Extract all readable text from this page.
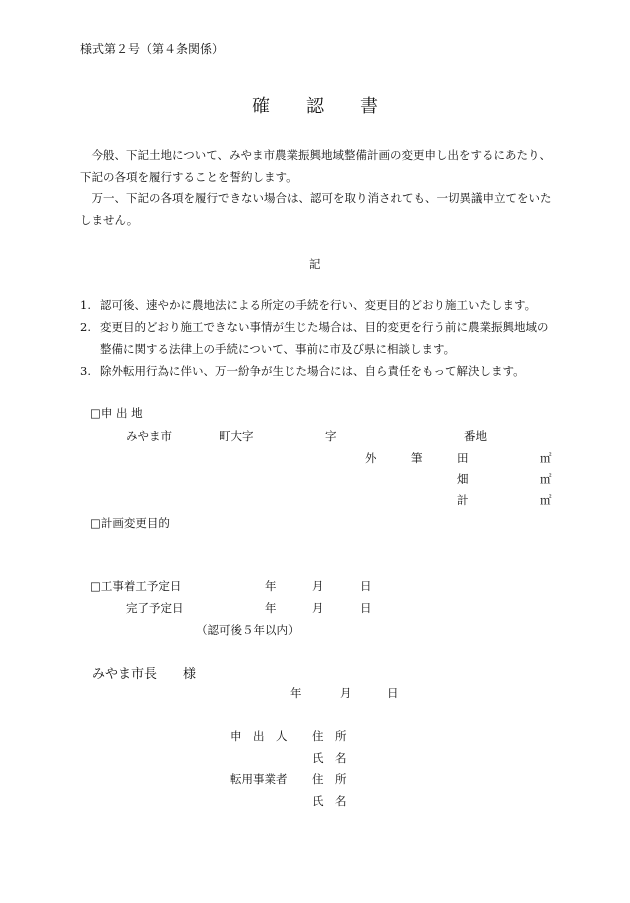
様式第２号（第４条関係）
確 認 書
　今般、下記土地について、みやま市農業振興地域整備計画の変更申し出をするにあたり、下記の各項を履行することを誓約します。
　万一、下記の各項を履行できない場合は、認可を取り消されても、一切異議申立てをいたしません。
記
1. 認可後、速やかに農地法による所定の手続を行い、変更目的どおり施工いたします。
2. 変更目的どおり施工できない事情が生じた場合は、目的変更を行う前に農業振興地域の
整備に関する法律上の手続について、事前に市及び県に相談します。
3. 除外転用行為に伴い、万一紛争が生じた場合には、自ら責任をもって解決します。
□申 出 地
みやま市	町大字	字	番地
外	筆	田	㎡
畑	㎡
計	㎡
□計画変更目的
□工事着工予定日	年	月	日
完了予定日	年	月	日
（認可後５年以内）
みやま市長　　様
年	月	日
申　出　人 住　所
氏　名
転用事業者 住　所
氏　名
